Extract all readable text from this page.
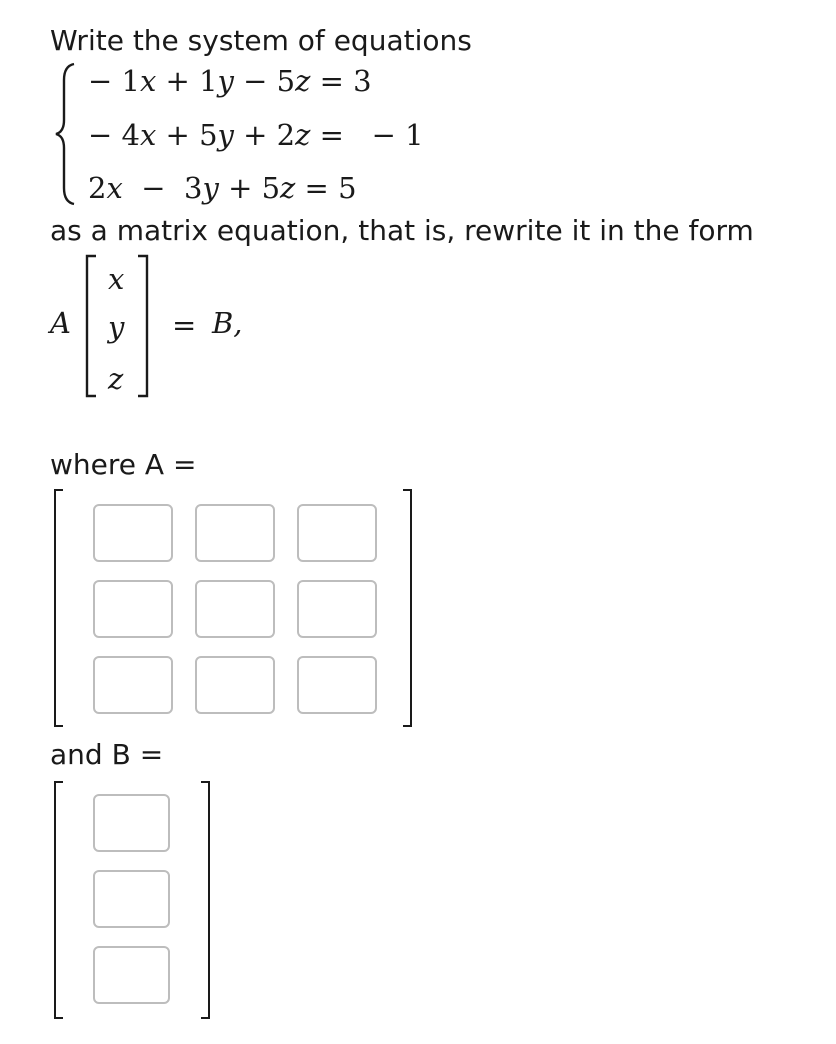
Write the system of equations
− 1x + 1y − 5z = 3
− 4x + 5y + 2z = − 1
2x − 3y + 5z = 5
as a matrix equation, that is, rewrite it in the form
A
x
y
z
= B,
where A =
and B =
